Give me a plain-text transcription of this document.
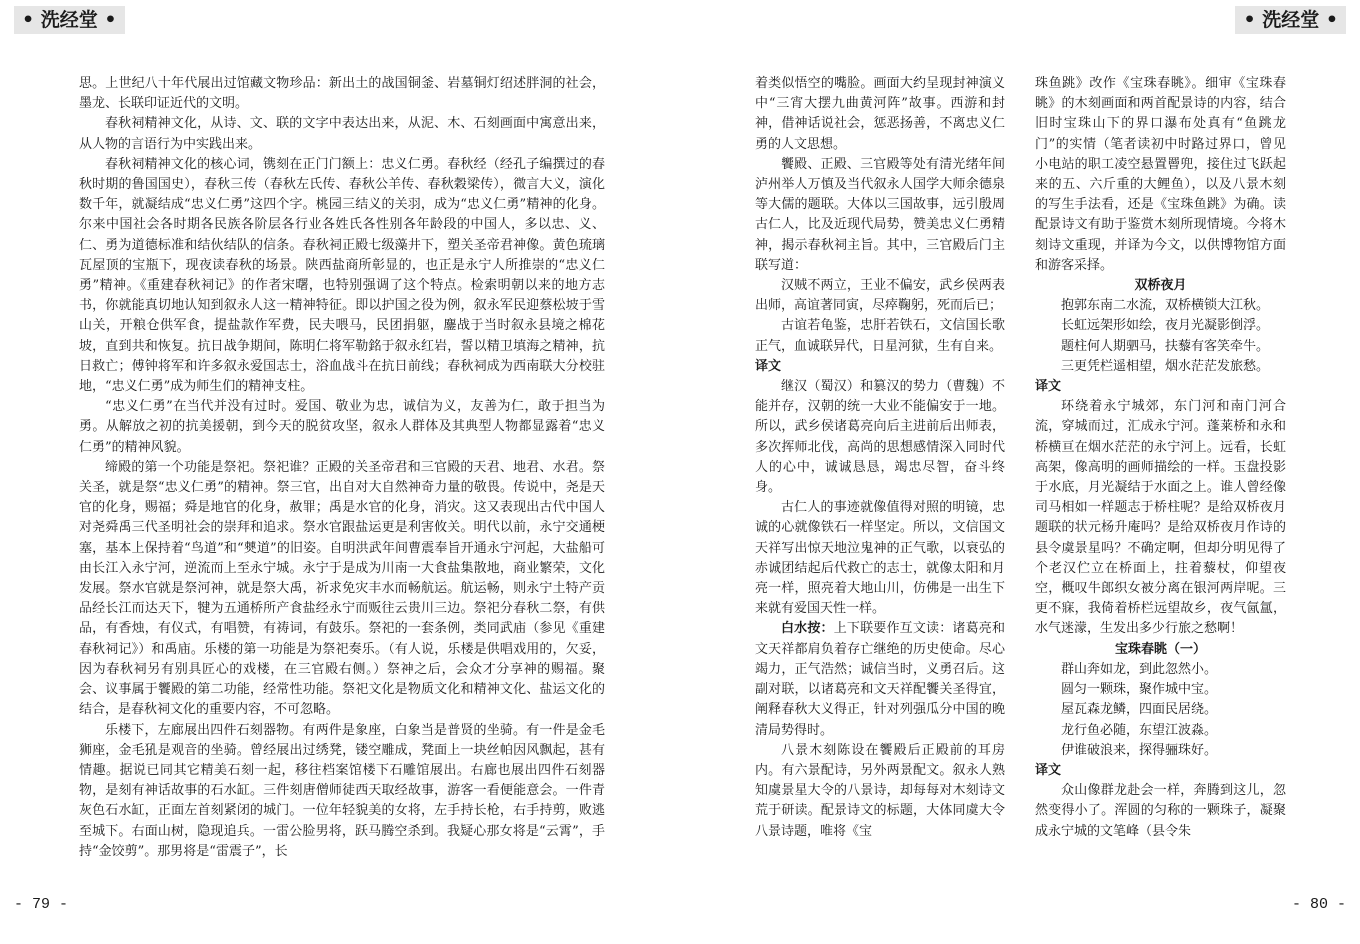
• 洗经堂 •	• 洗经堂 •

思。上世纪八十年代展出过馆藏文物珍品：新出土的战国铜釜、岩墓铜灯绍述胖洞的社会，墨龙、长联印证近代的文明。

春秋祠精神文化，从诗、文、联的文字中表达出来，从泥、木、石刻画面中寓意出来，从人物的言语行为中实践出来。

春秋祠精神文化的核心词，镌刻在正门门额上：忠义仁勇。春秋经（经孔子编撰过的春秋时期的鲁国国史），春秋三传（春秋左氏传、春秋公羊传、春秋穀梁传），微言大义，演化数千年，就凝结成“忠义仁勇”这四个字。桃园三结义的关羽，成为“忠义仁勇”精神的化身。尔来中国社会各时期各民族各阶层各行业各姓氏各性别各年龄段的中国人，多以忠、义、仁、勇为道德标准和结伙结队的信条。春秋祠正殿七级藻井下，塑关圣帝君神像。黄色琉璃瓦屋顶的宝瓶下，现夜读春秋的场景。陕西盐商所彰显的，也正是永宁人所推崇的“忠义仁勇”精神。《重建春秋祠记》的作者宋曙，也特别强调了这个特点。检索明朝以来的地方志书，你就能真切地认知到叙永人这一精神特征。即以护国之役为例，叙永军民迎蔡松坡于雪山关，开粮仓供军食，提盐款作军费，民夫喂马，民团捐躯，鏖战于当时叙永县境之棉花坡，直到共和恢复。抗日战争期间，陈明仁将军勒銘于叙永红岩，誓以精卫填海之精神，抗日救亡；傅钟将军和许多叙永爱国志士，浴血战斗在抗日前线；春秋祠成为西南联大分校驻地，“忠义仁勇”成为师生们的精神支柱。

“忠义仁勇”在当代并没有过时。爱国、敬业为忠，诚信为义，友善为仁，敢于担当为勇。从解放之初的抗美援朝，到今天的脱贫攻坚，叙永人群体及其典型人物都显露着“忠义仁勇”的精神风貌。

缔殿的第一个功能是祭祀。祭祀谁？正殿的关圣帝君和三官殿的天君、地君、水君。祭关圣，就是祭“忠义仁勇”的精神。祭三官，出自对大自然神奇力量的敬畏。传说中，尧是天官的化身，赐福；舜是地官的化身，赦罪；禹是水官的化身，消灾。这又表现出古代中国人对尧舜禹三代圣明社会的崇拜和追求。祭水官跟盐运更是利害攸关。明代以前，永宁交通梗塞，基本上保持着“鸟道”和“僰道”的旧姿。自明洪武年间曹震奉旨开通永宁河起，大盐船可由长江入永宁河，逆流而上至永宁城。永宁于是成为川南一大食盐集散地，商业繁荣，文化发展。祭水官就是祭河神，就是祭大禹，祈求免灾丰水而畅航运。航运畅，则永宁土特产贡品经长江而达天下，犍为五通桥所产食盐经永宁而贩往云贵川三边。祭祀分春秋二祭，有供品，有香烛，有仪式，有唱赞，有祷词，有鼓乐。祭祀的一套条例，类同武庙（参见《重建春秋祠记》）和禹庙。乐楼的第一功能是为祭祀奏乐。（有人说，乐楼是供唱戏用的，欠妥，因为春秋祠另有别具匠心的戏楼，在三官殿右侧。）祭神之后，会众才分享神的赐福。聚会、议事属于饗殿的第二功能，经常性功能。祭祀文化是物质文化和精神文化、盐运文化的结合，是春秋祠文化的重要内容，不可忽略。

乐楼下，左廊展出四件石刻器物。有两件是象座，白象当是普贤的坐骑。有一件是金毛狮座，金毛犼是观音的坐骑。曾经展出过绣凳，镂空雕成，凳面上一块丝帕因风飘起，甚有情趣。据说已同其它精美石刻一起，移往档案馆楼下石雕馆展出。右廊也展出四件石刻器物，是刻有神话故事的石水缸。三件刻唐僧师徒西天取经故事，游客一看便能意会。一件青灰色石水缸，正面左首刻紧闭的城门。一位年轻貌美的女将，左手持长枪，右手持剪，败逃至城下。右面山树，隐现追兵。一雷公脸男将，跃马腾空杀到。我疑心那女将是“云霄”，手持“金饺剪”。那男将是“雷震子”，长

着类似悟空的嘴脸。画面大约呈现封神演义中“三宵大摆九曲黄河阵”故事。西游和封神，借神话说社会，惩恶扬善，不离忠义仁勇的人文思想。

饗殿、正殿、三官殿等处有清光绪年间泸州举人万慎及当代叙永人国学大师余德泉等大儒的题联。大体以三国故事，远引殷周古仁人，比及近现代局势，赞美忠义仁勇精神，揭示春秋祠主旨。其中，三官殿后门主联写道：

汉贼不两立，王业不偏安，武乡侯两表出师，高谊著同寅，尽瘁鞠躬，死而后已；

古谊若龟鉴，忠肝若铁石，文信国长歌正气，血诚联异代，日星河狱，生有自来。

译文

继汉（蜀汉）和篡汉的势力（曹魏）不能并存，汉朝的统一大业不能偏安于一地。所以，武乡侯诸葛亮向后主进前后出师表，多次挥师北伐，高尚的思想感情深入同时代人的心中，诚诚恳恳，竭忠尽智，奋斗终身。

古仁人的事迹就像值得对照的明镜，忠诚的心就像铁石一样坚定。所以，文信国文天祥写出惊天地泣鬼神的正气歌，以衰弘的赤诚团结起后代救亡的志士，就像太阳和月亮一样，照亮着大地山川，仿佛是一出生下来就有爱国天性一样。

白水按：上下联要作互文读：诸葛亮和文天祥都肩负着存亡继绝的历史使命。尽心竭力，正气浩然；诚信当时，义勇召后。这副对联，以诸葛亮和文天祥配饗关圣得宜，阐释春秋大义得正，针对列强瓜分中国的晚清局势得时。

八景木刻陈设在饗殿后正殿前的耳房内。有六景配诗，另外两景配文。叙永人熟知虞景星大令的八景诗，却每每对木刻诗文荒于研读。配景诗文的标题，大体同虞大令八景诗题，唯将《宝

珠鱼跳》改作《宝珠春眺》。细审《宝珠春眺》的木刻画面和两首配景诗的内容，结合旧时宝珠山下的界口瀑布处真有“鱼跳龙门”的实情（笔者读初中时路过界口，曾见小电站的职工凌空悬置罾兜，接住过飞跃起来的五、六斤重的大鲤鱼），以及八景木刻的写生手法看，还是《宝珠鱼跳》为确。读配景诗文有助于鉴赏木刻所现情境。今将木刻诗文重现，并译为今文，以供博物馆方面和游客采择。

双桥夜月
抱郭东南二水流，双桥横锁大江秋。
长虹远架形如绘，夜月光凝影倒浮。
题柱何人期驷马，扶藜有客笑牵牛。
三更凭栏遥相望，烟水茫茫发旅愁。
译文

环绕着永宁城郊，东门河和南门河合流，穿城而过，汇成永宁河。蓬莱桥和永和桥横亘在烟水茫茫的永宁河上。远看，长虹高架，像高明的画师描绘的一样。玉盘投影于水底，月光凝结于水面之上。谁人曾经像司马相如一样题志于桥柱呢？是给双桥夜月题联的状元杨升庵吗？是给双桥夜月作诗的县令虞景星吗？不确定啊，但却分明见得了个老汉伫立在桥面上，拄着藜杖，仰望夜空，概叹牛郎织女被分离在银河两岸呢。三更不寐，我倚着桥栏远望故乡，夜气氤氲，水气迷濛，生发出多少行旅之愁啊！

宝珠春眺（一）
群山奔如龙，到此忽然小。
圆匀一颗珠，聚作城中宝。
屋瓦森龙鳞，四面民居绕。
龙行鱼必随，东望江波淼。
伊谁破浪来，探得骊珠好。
译文

众山像群龙赴会一样，奔腾到这儿，忽然变得小了。浑圆的匀称的一颗珠子，凝聚成永宁城的文笔峰（县令朱

- 79 -	- 80 -
